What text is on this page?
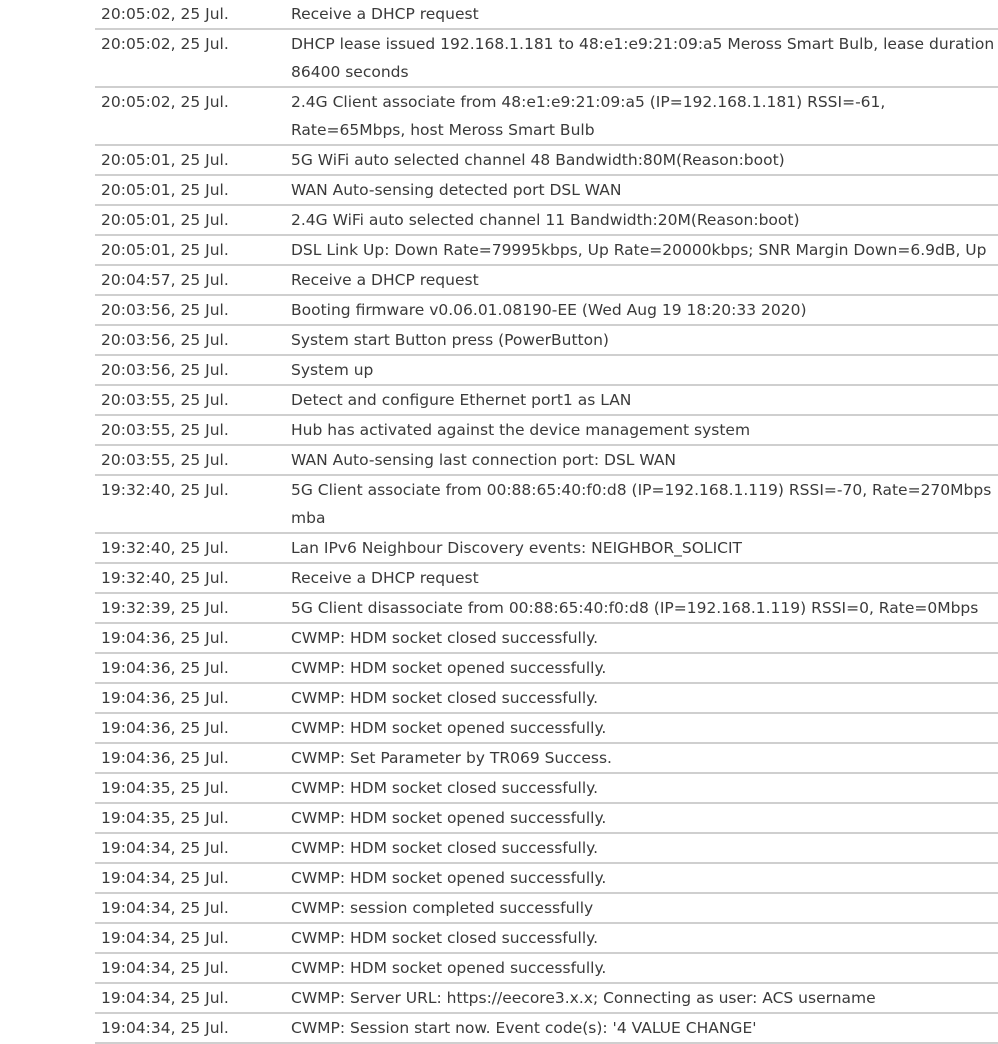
20:05:02, 25 Jul.	Receive a DHCP request
20:05:02, 25 Jul.	DHCP lease issued 192.168.1.181 to 48:e1:e9:21:09:a5 Meross Smart Bulb, lease duration 86400 seconds
20:05:02, 25 Jul.	2.4G Client associate from 48:e1:e9:21:09:a5 (IP=192.168.1.181) RSSI=-61, Rate=65Mbps, host Meross Smart Bulb
20:05:01, 25 Jul.	5G WiFi auto selected channel 48 Bandwidth:80M(Reason:boot)
20:05:01, 25 Jul.	WAN Auto-sensing detected port DSL WAN
20:05:01, 25 Jul.	2.4G WiFi auto selected channel 11 Bandwidth:20M(Reason:boot)
20:05:01, 25 Jul.	DSL Link Up: Down Rate=79995kbps, Up Rate=20000kbps; SNR Margin Down=6.9dB, Up
20:04:57, 25 Jul.	Receive a DHCP request
20:03:56, 25 Jul.	Booting firmware v0.06.01.08190-EE (Wed Aug 19 18:20:33 2020)
20:03:56, 25 Jul.	System start Button press (PowerButton)
20:03:56, 25 Jul.	System up
20:03:55, 25 Jul.	Detect and configure Ethernet port1 as LAN
20:03:55, 25 Jul.	Hub has activated against the device management system
20:03:55, 25 Jul.	WAN Auto-sensing last connection port: DSL WAN
19:32:40, 25 Jul.	5G Client associate from 00:88:65:40:f0:d8 (IP=192.168.1.119) RSSI=-70, Rate=270Mbps mba
19:32:40, 25 Jul.	Lan IPv6 Neighbour Discovery events: NEIGHBOR_SOLICIT
19:32:40, 25 Jul.	Receive a DHCP request
19:32:39, 25 Jul.	5G Client disassociate from 00:88:65:40:f0:d8 (IP=192.168.1.119) RSSI=0, Rate=0Mbps
19:04:36, 25 Jul.	CWMP: HDM socket closed successfully.
19:04:36, 25 Jul.	CWMP: HDM socket opened successfully.
19:04:36, 25 Jul.	CWMP: HDM socket closed successfully.
19:04:36, 25 Jul.	CWMP: HDM socket opened successfully.
19:04:36, 25 Jul.	CWMP: Set Parameter by TR069 Success.
19:04:35, 25 Jul.	CWMP: HDM socket closed successfully.
19:04:35, 25 Jul.	CWMP: HDM socket opened successfully.
19:04:34, 25 Jul.	CWMP: HDM socket closed successfully.
19:04:34, 25 Jul.	CWMP: HDM socket opened successfully.
19:04:34, 25 Jul.	CWMP: session completed successfully
19:04:34, 25 Jul.	CWMP: HDM socket closed successfully.
19:04:34, 25 Jul.	CWMP: HDM socket opened successfully.
19:04:34, 25 Jul.	CWMP: Server URL: https://eecore3.x.x; Connecting as user: ACS username
19:04:34, 25 Jul.	CWMP: Session start now. Event code(s): '4 VALUE CHANGE'
